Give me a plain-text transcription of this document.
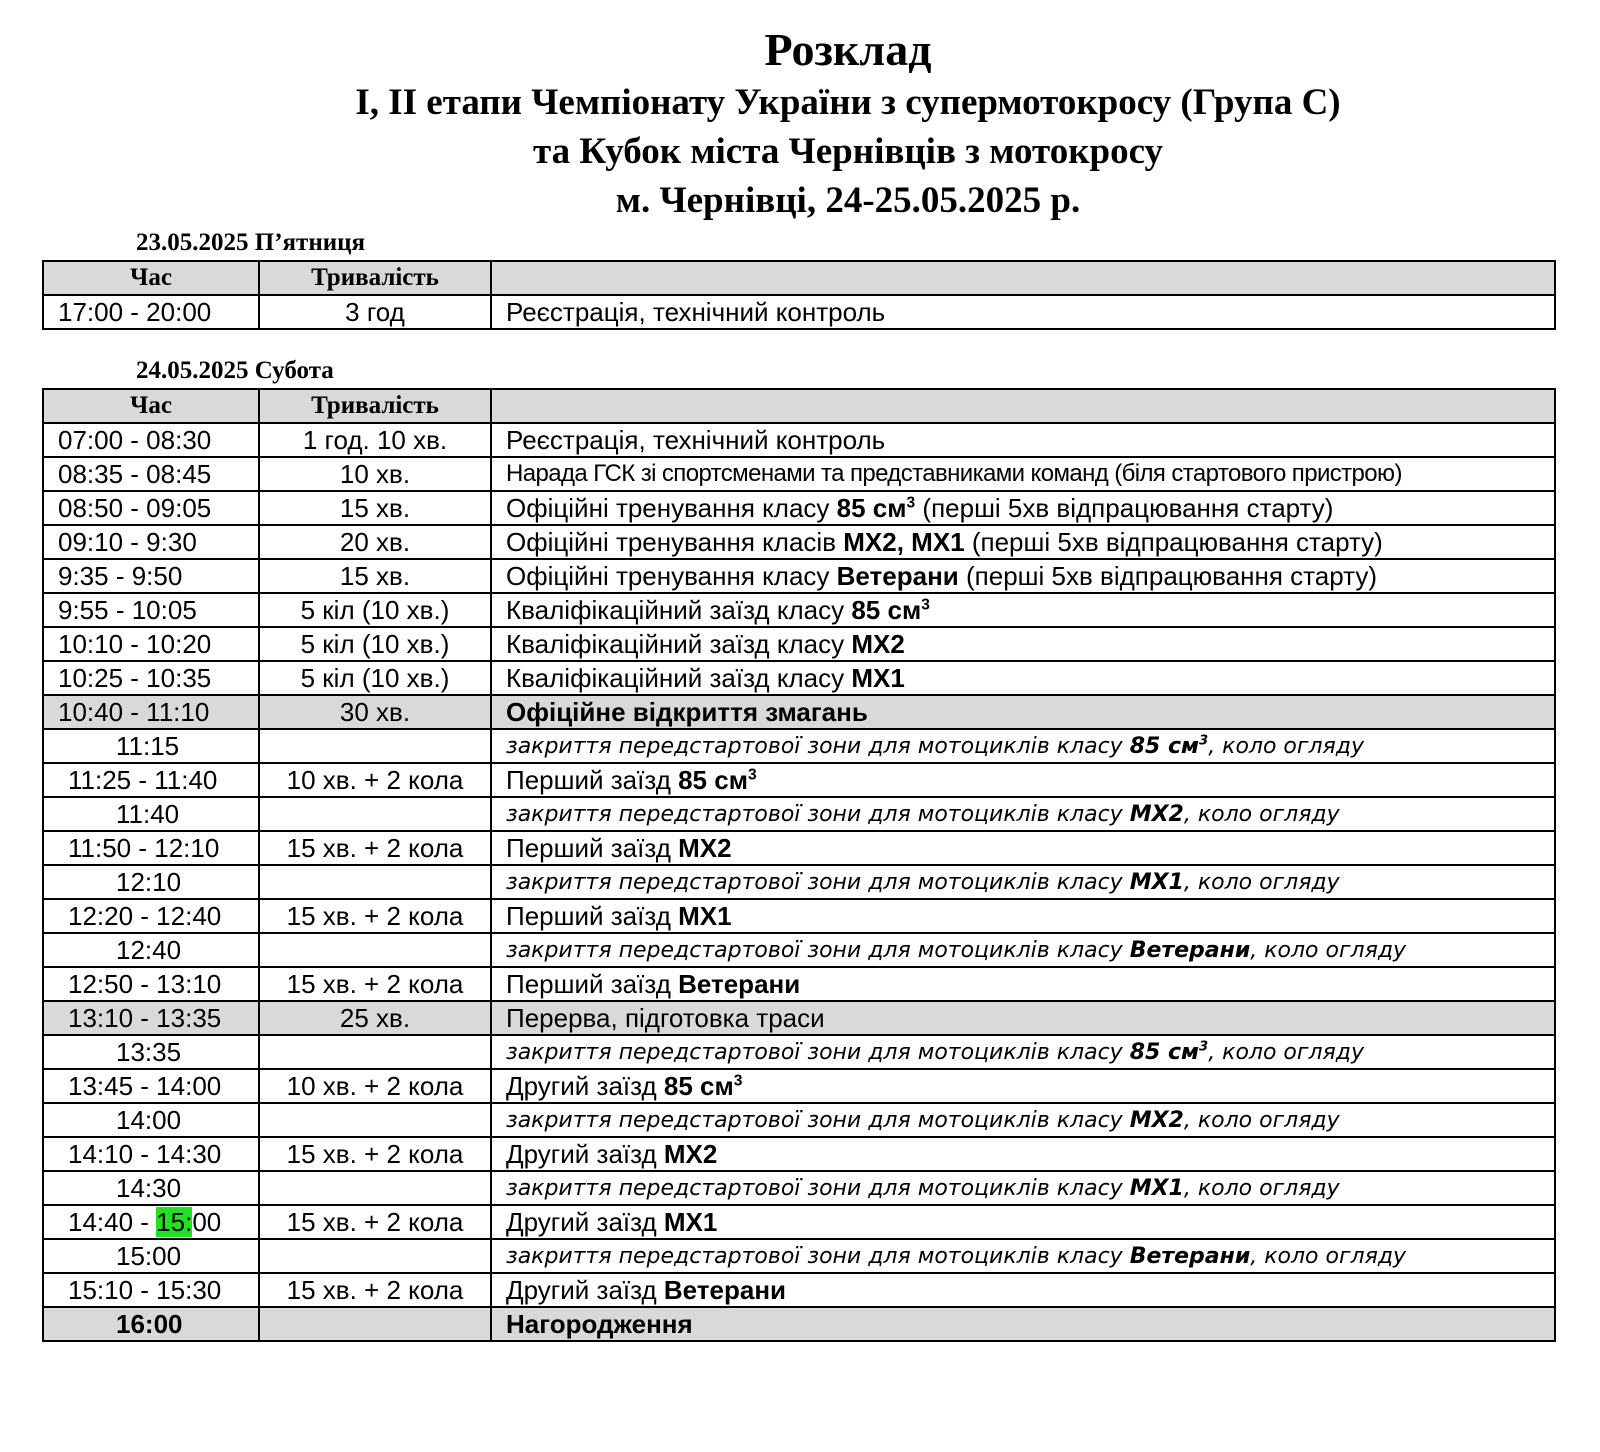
Розклад
I, II етапи Чемпіонату України з супермотокросу (Група С)
та Кубок міста Чернівців з мотокросу
м. Чернівці, 24-25.05.2025 р.
23.05.2025 П’ятниця
Час	Тривалість	
17:00 - 20:00	3 год	Реєстрація, технічний контроль
24.05.2025 Субота
Час	Тривалість	
07:00 - 08:30	1 год. 10 хв.	Реєстрація, технічний контроль
08:35 - 08:45	10 хв.	Нарада ГСК зі спортсменами та представниками команд (біля стартового пристрою)
08:50 - 09:05	15 хв.	Офіційні тренування класу 85 $см^3$ (перші 5хв відпрацювання старту)
09:10 - 9:30	20 хв.	Офіційні тренування класів MX2, MX1 (перші 5хв відпрацювання старту)
9:35 - 9:50	15 хв.	Офіційні тренування класу Ветерани (перші 5хв відпрацювання старту)
9:55 - 10:05	5 кіл (10 хв.)	Кваліфікаційний заїзд класу 85 $см^3$
10:10 - 10:20	5 кіл (10 хв.)	Кваліфікаційний заїзд класу MX2
10:25 - 10:35	5 кіл (10 хв.)	Кваліфікаційний заїзд класу MX1
10:40 - 11:10	30 хв.	Офіційне відкриття змагань
11:15		закриття передстартової зони для мотоциклів класу 85 $см^3$, коло огляду
11:25 - 11:40	10 хв. + 2 кола	Перший заїзд 85 $см^3$
11:40		закриття передстартової зони для мотоциклів класу MX2, коло огляду
11:50 - 12:10	15 хв. + 2 кола	Перший заїзд MX2
12:10		закриття передстартової зони для мотоциклів класу MX1, коло огляду
12:20 - 12:40	15 хв. + 2 кола	Перший заїзд MX1
12:40		закриття передстартової зони для мотоциклів класу Ветерани, коло огляду
12:50 - 13:10	15 хв. + 2 кола	Перший заїзд Ветерани
13:10 - 13:35	25 хв.	Перерва, підготовка траси
13:35		закриття передстартової зони для мотоциклів класу 85 $см^3$, коло огляду
13:45 - 14:00	10 хв. + 2 кола	Другий заїзд 85 $см^3$
14:00		закриття передстартової зони для мотоциклів класу MX2, коло огляду
14:10 - 14:30	15 хв. + 2 кола	Другий заїзд MX2
14:30		закриття передстартової зони для мотоциклів класу MX1, коло огляду
14:40 - 15:00	15 хв. + 2 кола	Другий заїзд MX1
15:00		закриття передстартової зони для мотоциклів класу Ветерани, коло огляду
15:10 - 15:30	15 хв. + 2 кола	Другий заїзд Ветерани
16:00		Нагородження
